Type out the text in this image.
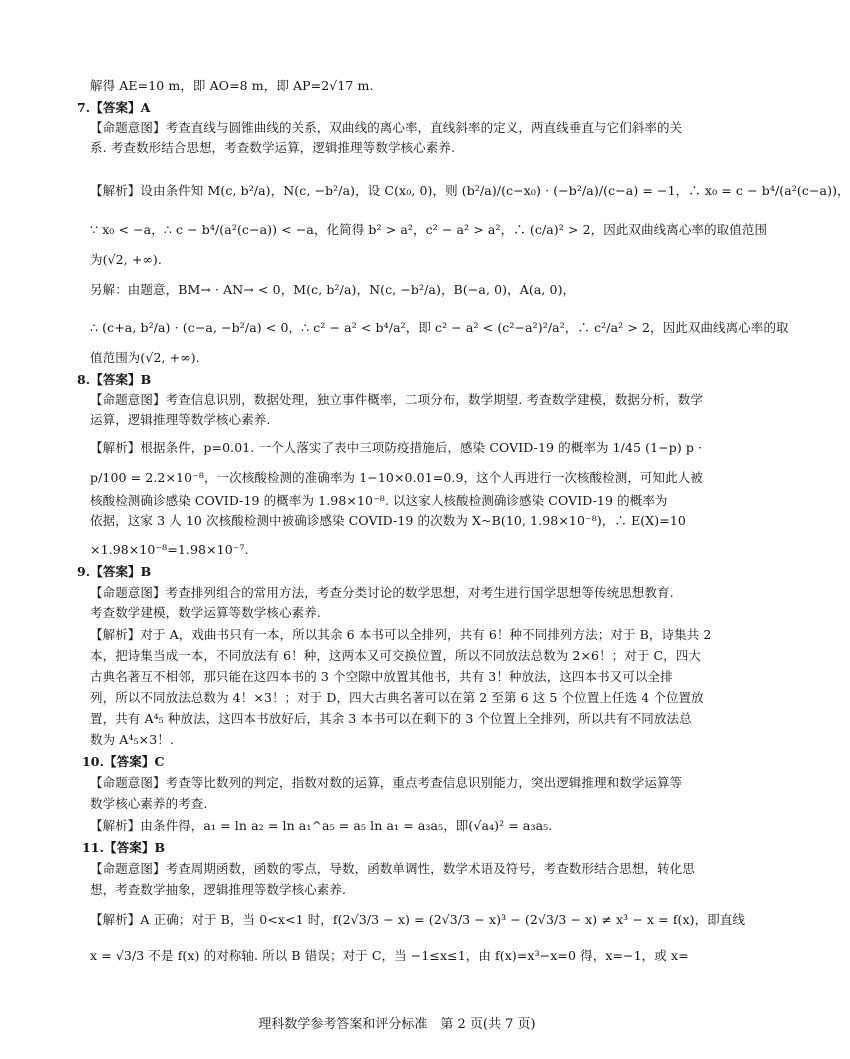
解得 AE=10 m，即 AO=8 m，即 AP=2√17 m.
7.【答案】A
【命题意图】考查直线与圆锥曲线的关系，双曲线的离心率，直线斜率的定义，两直线垂直与它们斜率的关
系. 考查数形结合思想，考查数学运算，逻辑推理等数学核心素养.
【解析】设由条件知 M(c, b²/a)，N(c, −b²/a)，设 C(x₀, 0)，则 (b²/a)/(c−x₀) · (−b²/a)/(c−a) = −1，∴ x₀ = c − b⁴/(a²(c−a))，
∵ x₀ < −a，∴ c − b⁴/(a²(c−a)) < −a，化简得 b² > a²，c² − a² > a²，∴ (c/a)² > 2，因此双曲线离心率的取值范围
为(√2, +∞).
另解：由题意，BM→ · AN→ < 0，M(c, b²/a)，N(c, −b²/a)，B(−a, 0)，A(a, 0)，
∴ (c+a, b²/a) · (c−a, −b²/a) < 0，∴ c² − a² < b⁴/a²，即 c² − a² < (c²−a²)²/a²，∴ c²/a² > 2，因此双曲线离心率的取
值范围为(√2, +∞).
8.【答案】B
【命题意图】考查信息识别，数据处理，独立事件概率，二项分布，数学期望. 考查数学建模，数据分析，数学
运算，逻辑推理等数学核心素养.
【解析】根据条件，p=0.01. 一个人落实了表中三项防疫措施后，感染 COVID-19 的概率为 1/45 (1−p) p ·
p/100 = 2.2×10⁻⁸，一次核酸检测的准确率为 1−10×0.01=0.9，这个人再进行一次核酸检测，可知此人被
核酸检测确诊感染 COVID-19 的概率为 1.98×10⁻⁸. 以这家人核酸检测确诊感染 COVID-19 的概率为
依据，这家 3 人 10 次核酸检测中被确诊感染 COVID-19 的次数为 X~B(10, 1.98×10⁻⁸)，∴ E(X)=10
×1.98×10⁻⁸=1.98×10⁻⁷.
9.【答案】B
【命题意图】考查排列组合的常用方法，考查分类讨论的数学思想，对考生进行国学思想等传统思想教育.
考查数学建模，数学运算等数学核心素养.
【解析】对于 A，戏曲书只有一本，所以其余 6 本书可以全排列，共有 6！种不同排列方法；对于 B，诗集共 2
本，把诗集当成一本，不同放法有 6！种，这两本又可交换位置，所以不同放法总数为 2×6！；对于 C，四大
古典名著互不相邻，那只能在这四本书的 3 个空隙中放置其他书，共有 3！种放法，这四本书又可以全排
列，所以不同放法总数为 4！×3！；对于 D，四大古典名著可以在第 2 至第 6 这 5 个位置上任选 4 个位置放
置，共有 A⁴₅ 种放法，这四本书放好后，其余 3 本书可以在剩下的 3 个位置上全排列，所以共有不同放法总
数为 A⁴₅×3！.
10.【答案】C
【命题意图】考查等比数列的判定，指数对数的运算，重点考查信息识别能力，突出逻辑推理和数学运算等
数学核心素养的考查.
【解析】由条件得，a₁ = ln a₂ = ln a₁^a₅ = a₅ ln a₁ = a₃a₅，即(√a₄)² = a₃a₅.
11.【答案】B
【命题意图】考查周期函数，函数的零点，导数，函数单调性，数学术语及符号，考查数形结合思想，转化思
想，考查数学抽象，逻辑推理等数学核心素养.
【解析】A 正确；对于 B，当 0<x<1 时，f(2√3/3 − x) = (2√3/3 − x)³ − (2√3/3 − x) ≠ x³ − x = f(x)，即直线
x = √3/3 不是 f(x) 的对称轴. 所以 B 错误；对于 C，当 −1≤x≤1，由 f(x)=x³−x=0 得，x=−1，或 x=
理科数学参考答案和评分标准　第 2 页(共 7 页)
